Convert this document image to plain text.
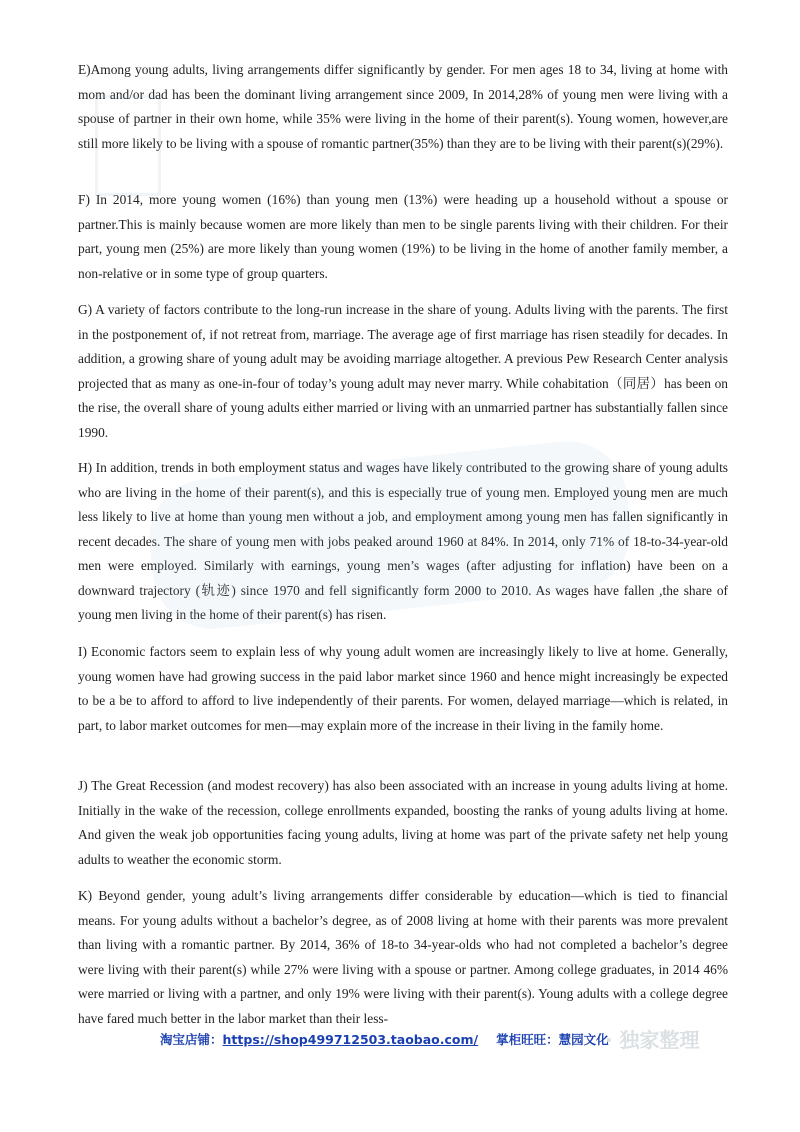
E)Among young adults, living arrangements differ significantly by gender. For men ages 18 to 34, living at home with mom and/or dad has been the dominant living arrangement since 2009, In 2014,28% of young men were living with a spouse of partner in their own home, while 35% were living in the home of their parent(s). Young women, however,are still more likely to be living with a spouse of romantic partner(35%) than they are to be living with their parent(s)(29%).
F) In 2014, more young women (16%) than young men (13%) were heading up a household without a spouse or partner.This is mainly because women are more likely than men to be single parents living with their children. For their part, young men (25%) are more likely than young women (19%) to be living in the home of another family member, a non-relative or in some type of group quarters.
G) A variety of factors contribute to the long-run increase in the share of young. Adults living with the parents. The first in the postponement of, if not retreat from, marriage. The average age of first marriage has risen steadily for decades. In addition, a growing share of young adult may be avoiding marriage altogether. A previous Pew Research Center analysis projected that as many as one-in-four of today’s young adult may never marry. While cohabitation（同居）has been on the rise, the overall share of young adults either married or living with an unmarried partner has substantially fallen since 1990.
H) In addition, trends in both employment status and wages have likely contributed to the growing share of young adults who are living in the home of their parent(s), and this is especially true of young men. Employed young men are much less likely to live at home than young men without a job, and employment among young men has fallen significantly in recent decades. The share of young men with jobs peaked around 1960 at 84%. In 2014, only 71% of 18-to-34-year-old men were employed. Similarly with earnings, young men’s wages (after adjusting for inflation) have been on a downward trajectory (轨迹) since 1970 and fell significantly form 2000 to 2010. As wages have fallen ,the share of young men living in the home of their parent(s) has risen.
I) Economic factors seem to explain less of why young adult women are increasingly likely to live at home. Generally, young women have had growing success in the paid labor market since 1960 and hence might increasingly be expected to be a be to afford to afford to live independently of their parents. For women, delayed marriage—which is related, in part, to labor market outcomes for men—may explain more of the increase in their living in the family home.
J) The Great Recession (and modest recovery) has also been associated with an increase in young adults living at home. Initially in the wake of the recession, college enrollments expanded, boosting the ranks of young adults living at home. And given the weak job opportunities facing young adults, living at home was part of the private safety net help young adults to weather the economic storm.
K) Beyond gender, young adult’s living arrangements differ considerable by education—which is tied to financial means. For young adults without a bachelor’s degree, as of 2008 living at home with their parents was more prevalent than living with a romantic partner. By 2014, 36% of 18-to 34-year-olds who had not completed a bachelor’s degree were living with their parent(s) while 27% were living with a spouse or partner. Among college graduates, in 2014 46% were married or living with a partner, and only 19% were living with their parent(s). Young adults with a college degree have fared much better in the labor market than their less-
淘宝店铺：https://shop499712503.taobao.com/ 掌柜旺旺：慧园文化
· 独家整理
